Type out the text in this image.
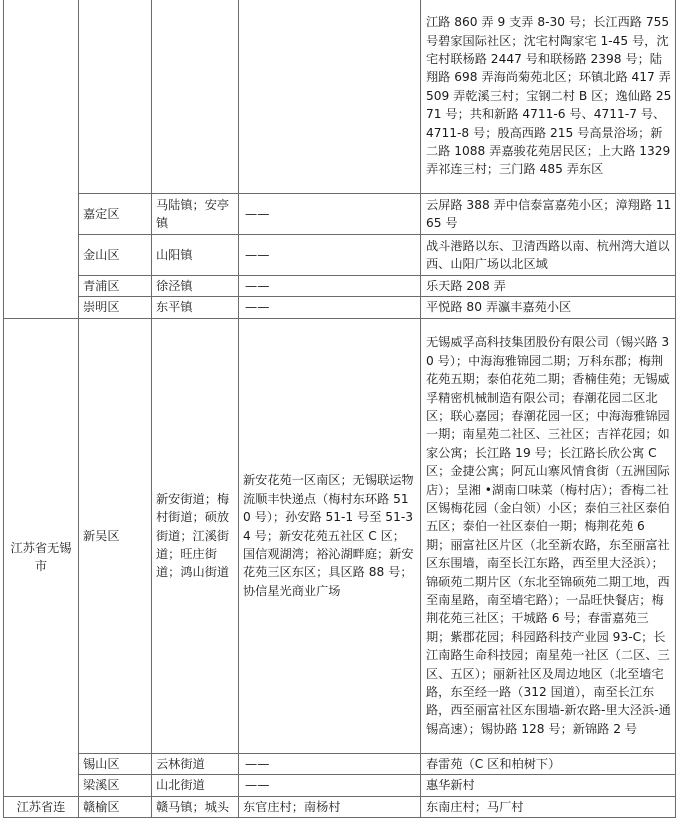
				江路 860 弄 9 支弄 8-30 号；长江西路 755 号碧家国际社区；沈宅村陶家宅 1-45 号，沈宅村联杨路 2447 号和联杨路 2398 号；陆翔路 698 弄海尚菊苑北区；环镇北路 417 弄 509 弄乾溪三村；宝钢二村 B 区；逸仙路 2571 号；共和新路 4711-6 号、4711-7 号、4711-8 号；殷高西路 215 号高景浴场；新二路 1088 弄嘉骏花苑居民区；上大路 1329 弄祁连三村；三门路 485 弄东区
	嘉定区	马陆镇；安亭镇	——	云屏路 388 弄中信泰富嘉苑小区；漳翔路 1165 号
	金山区	山阳镇	——	战斗港路以东、卫清西路以南、杭州湾大道以西、山阳广场以北区域
	青浦区	徐泾镇	——	乐天路 208 弄
	崇明区	东平镇	——	平悦路 80 弄瀛丰嘉苑小区
江苏省无锡市	新吴区	新安街道；梅村街道；硕放街道；江溪街道；旺庄街道；鸿山街道	新安花苑一区南区；无锡联运物流顺丰快递点（梅村东环路 510 号）；孙安路 51-1 号至 51-34 号；新安花苑五社区 C 区；国信观湖湾；裕沁湖畔庭；新安花苑三区东区；具区路 88 号；协信星光商业广场	无锡威孚高科技集团股份有限公司（锡兴路 30 号）；中海海雅锦园二期；万科东郡；梅荆花苑五期；泰伯花苑二期；香楠佳苑；无锡威孚精密机械制造有限公司；春潮花园二区北区；联心嘉园；春潮花园一区；中海海雅锦园一期；南星苑二社区、三社区；吉祥花园；如家公寓；长江路 19 号；长江路长欣公寓 C 区；金捷公寓；阿瓦山寨风情食街（五洲国际店）；呈湘 •湖南口味菜（梅村店）；香梅二社区锡梅花园（金白领）小区；泰伯三社区泰伯五区；泰伯一社区泰伯一期；梅荆花苑 6 期；丽富社区片区（北至新农路，东至丽富社区东围墙，南至长江东路，西至里大泾浜）；锦硕苑二期片区（东北至锦硕苑二期工地，西至南星路，南至墙宅路）；一品旺快餐店；梅荆花苑三社区；干城路 6 号；春雷嘉苑三期；紫郡花园；科园路科技产业园 93-C；长江南路生命科技园；南星苑一社区（二区、三区、五区）；丽新社区及周边地区（北至墙宅路，东至经一路（312 国道），南至长江东路，西至丽富社区东围墙-新农路-里大泾浜-通锡高速）；锡协路 128 号；新锦路 2 号
	锡山区	云林街道	——	春雷苑（C 区和柏树下）
	梁溪区	山北街道	——	惠华新村
江苏省连	赣榆区	赣马镇；城头	东官庄村；南杨村	东南庄村；马厂村
